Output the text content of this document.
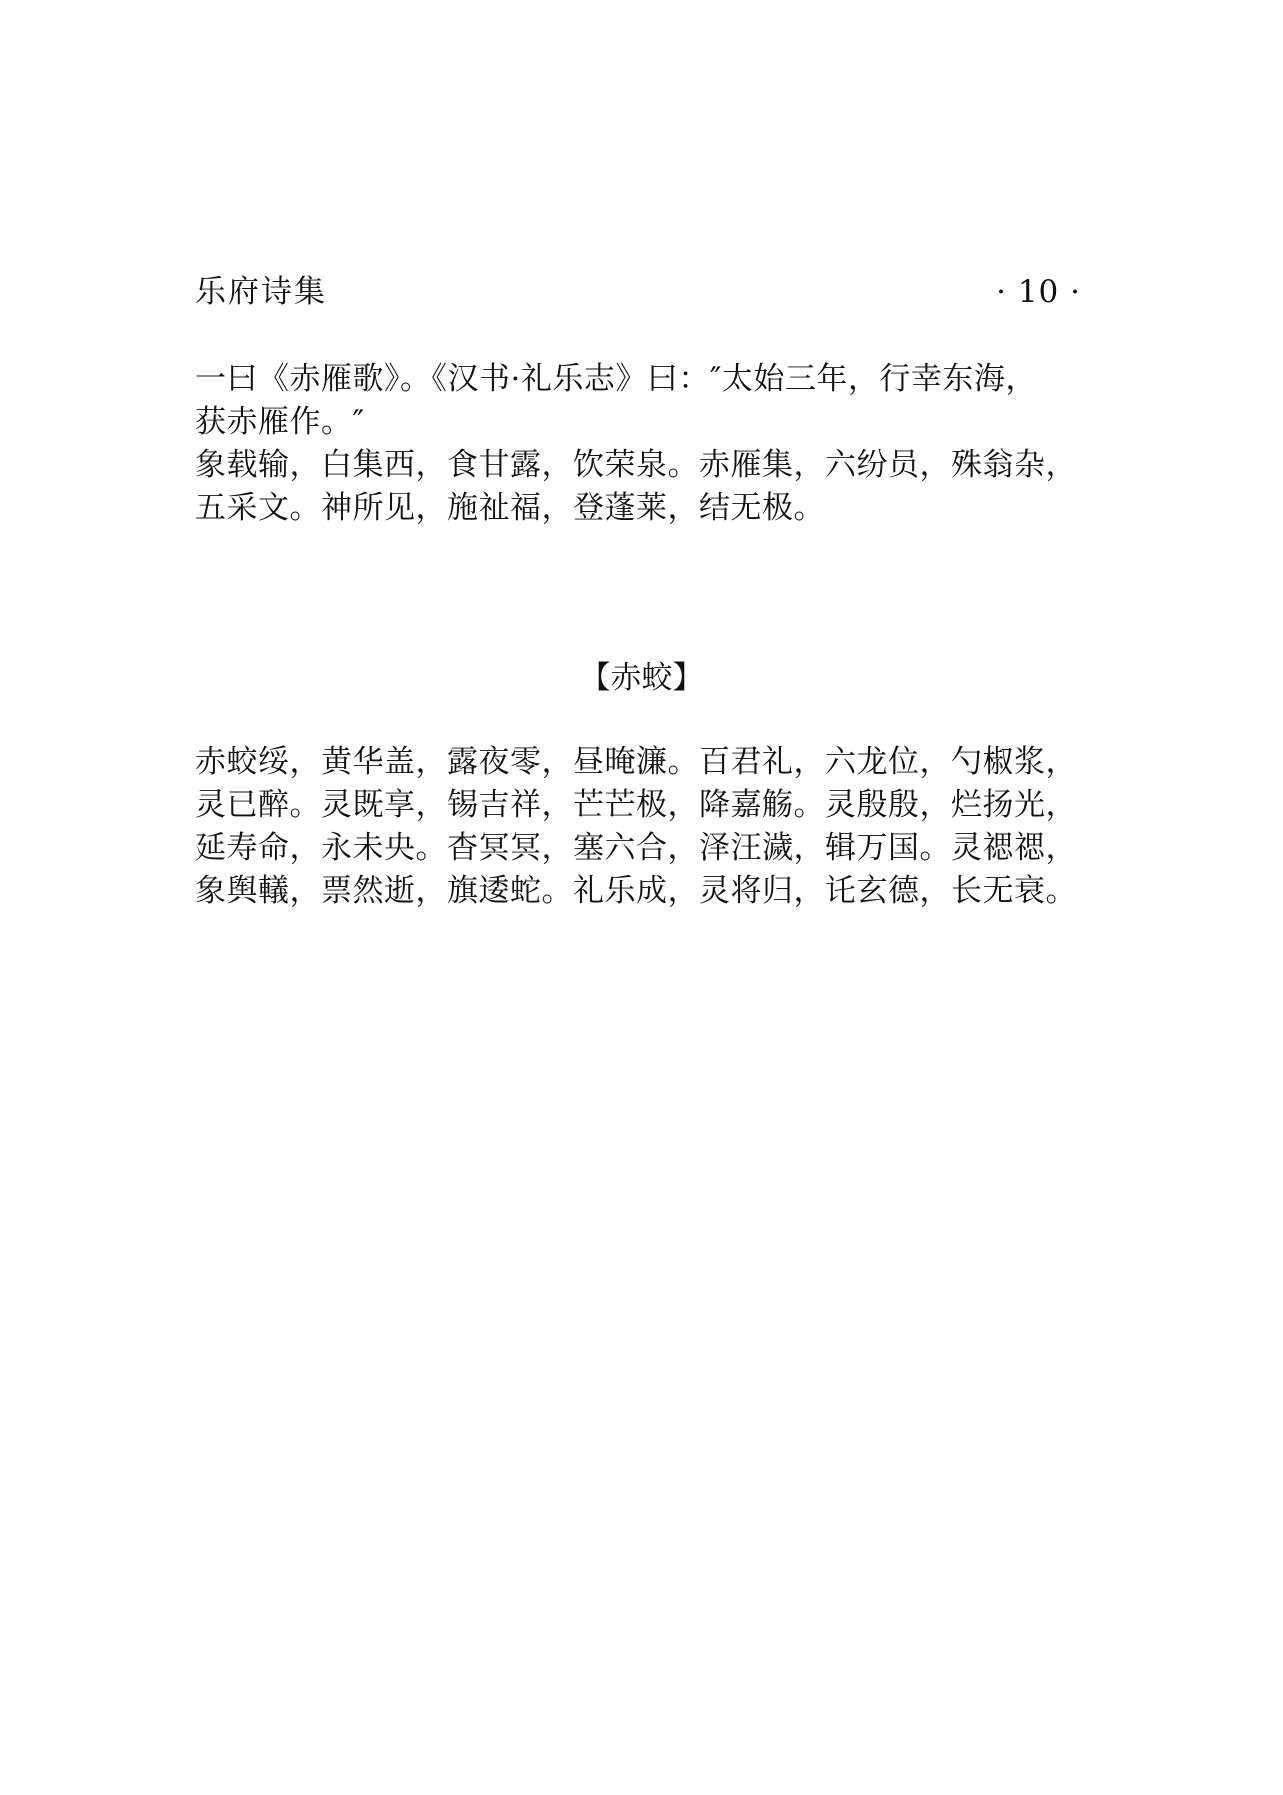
乐府诗集	· 10 ·

一曰《赤雁歌》。《汉书·礼乐志》曰：″太始三年，行幸东海，
获赤雁作。″

象载输，白集西，食甘露，饮荣泉。赤雁集，六纷员，殊翁杂，
五采文。神所见，施祉福，登蓬莱，结无极。

【赤蛟】

赤蛟绥，黄华盖，露夜零，昼晻濂。百君礼，六龙位，勺椒浆，
灵已醉。灵既享，锡吉祥，芒芒极，降嘉觞。灵殷殷，烂扬光，
延寿命，永未央。杳冥冥，塞六合，泽汪濊，辑万国。灵禗禗，
象舆轙，票然逝，旗逶蛇。礼乐成，灵将归，讬玄德，长无衰。
